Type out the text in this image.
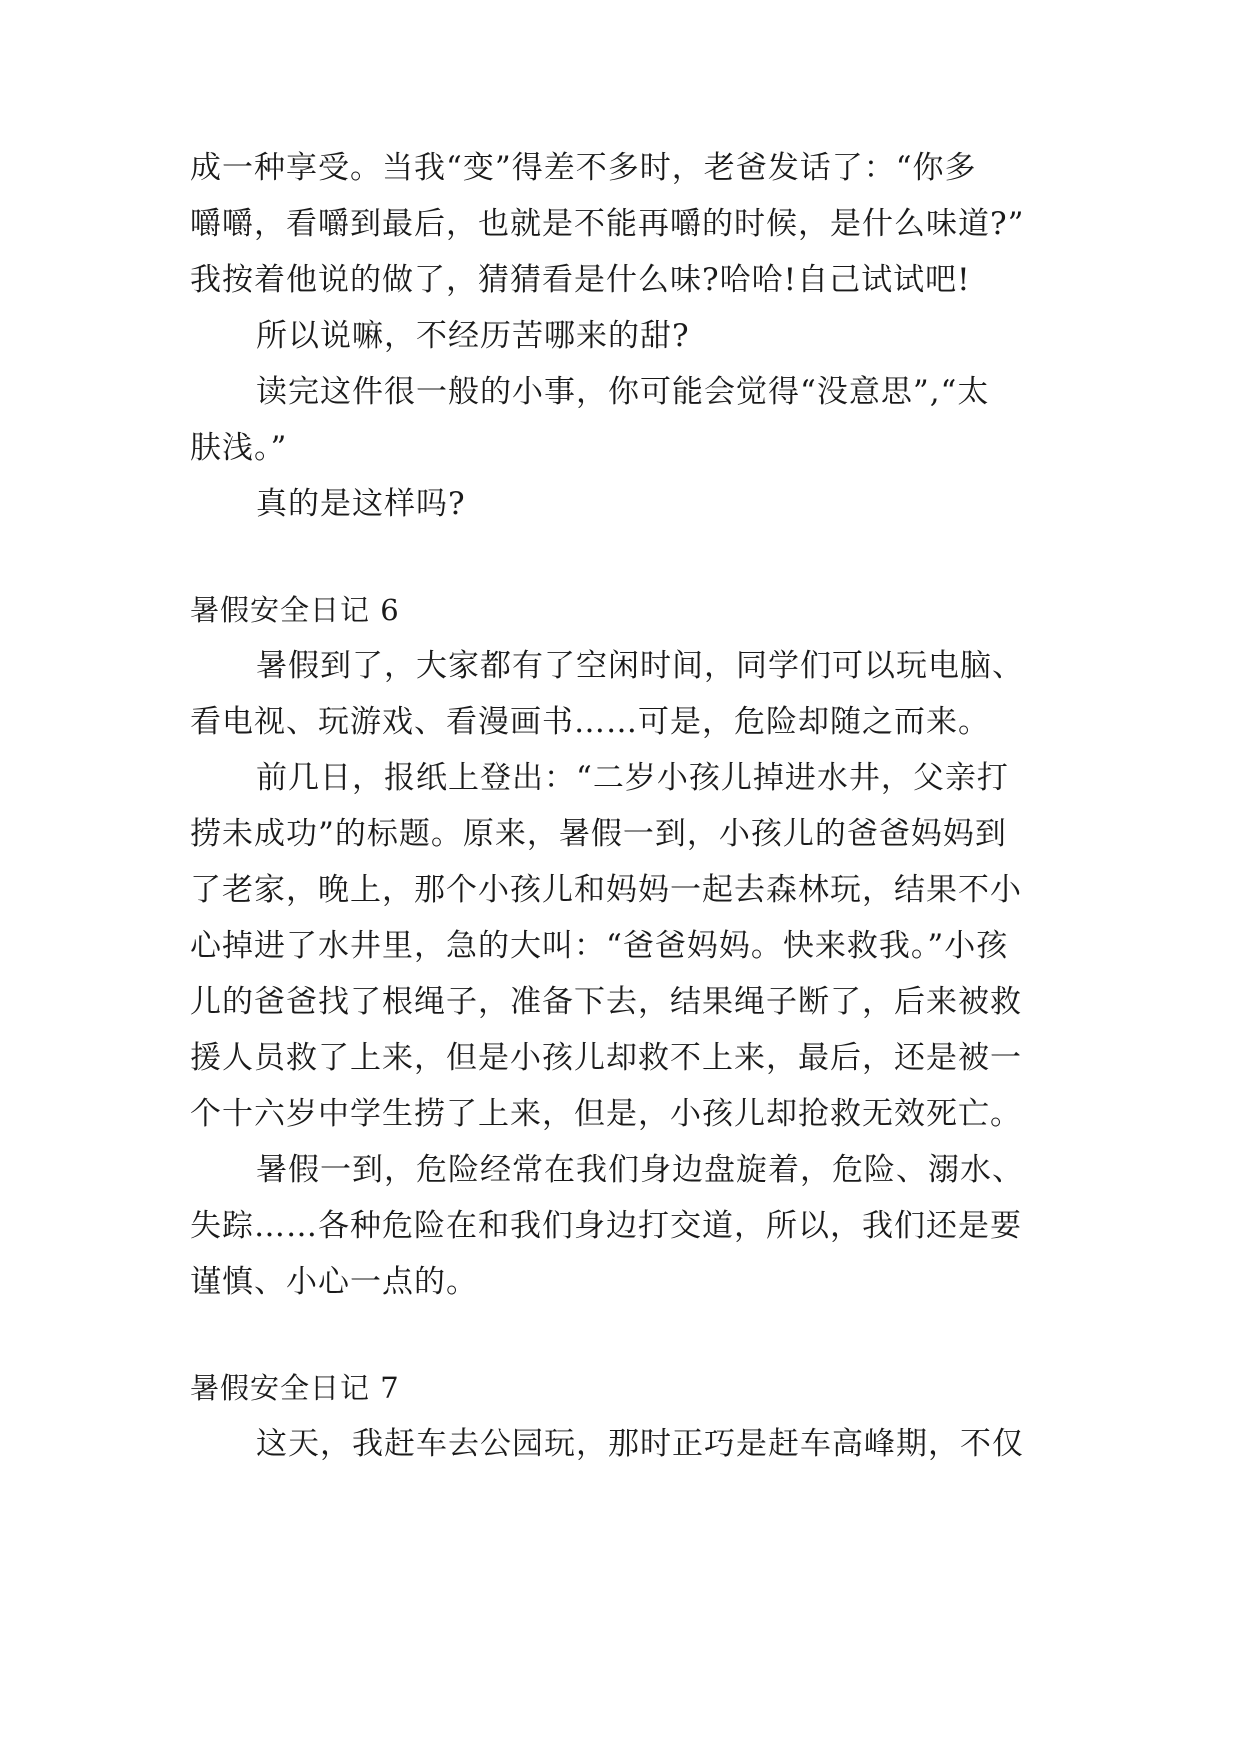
成一种享受。当我“变”得差不多时，老爸发话了：“你多
嚼嚼，看嚼到最后，也就是不能再嚼的时候，是什么味道?”
我按着他说的做了，猜猜看是什么味?哈哈!自己试试吧!
所以说嘛，不经历苦哪来的甜?
读完这件很一般的小事，你可能会觉得“没意思”,“太
肤浅。”
真的是这样吗?
暑假安全日记 6
暑假到了，大家都有了空闲时间，同学们可以玩电脑、
看电视、玩游戏、看漫画书……可是，危险却随之而来。
前几日，报纸上登出：“二岁小孩儿掉进水井，父亲打
捞未成功”的标题。原来，暑假一到，小孩儿的爸爸妈妈到
了老家，晚上，那个小孩儿和妈妈一起去森林玩，结果不小
心掉进了水井里，急的大叫：“爸爸妈妈。快来救我。”小孩
儿的爸爸找了根绳子，准备下去，结果绳子断了，后来被救
援人员救了上来，但是小孩儿却救不上来，最后，还是被一
个十六岁中学生捞了上来，但是，小孩儿却抢救无效死亡。
暑假一到，危险经常在我们身边盘旋着，危险、溺水、
失踪……各种危险在和我们身边打交道，所以，我们还是要
谨慎、小心一点的。
暑假安全日记 7
这天，我赶车去公园玩，那时正巧是赶车高峰期，不仅
